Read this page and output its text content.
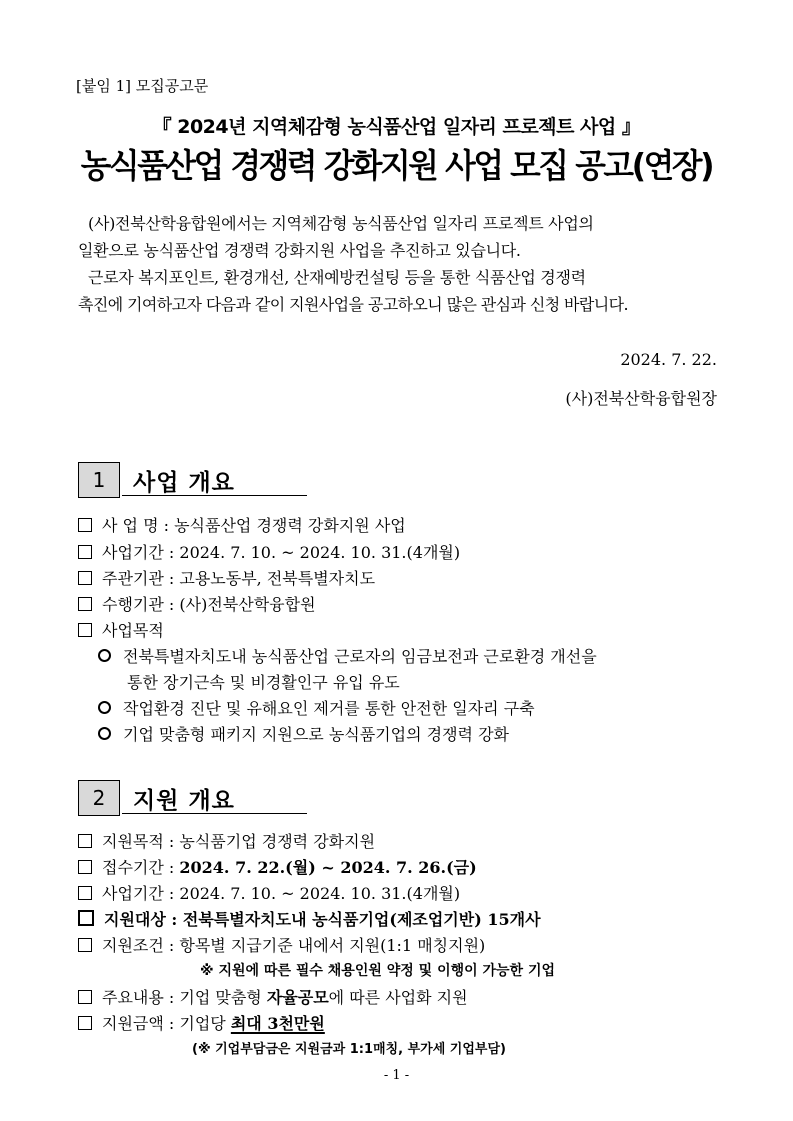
[붙임 1] 모집공고문
『 2024년 지역체감형 농식품산업 일자리 프로젝트 사업 』
농식품산업 경쟁력 강화지원 사업 모집 공고(연장)
(사)전북산학융합원에서는 지역체감형 농식품산업 일자리 프로젝트 사업의
일환으로 농식품산업 경쟁력 강화지원 사업을 추진하고 있습니다.
근로자 복지포인트, 환경개선, 산재예방컨설팅 등을 통한 식품산업 경쟁력
촉진에 기여하고자 다음과 같이 지원사업을 공고하오니 많은 관심과 신청 바랍니다.
2024. 7. 22.
(사)전북산학융합원장
1	사업 개요
사 업 명 : 농식품산업 경쟁력 강화지원 사업
사업기간 : 2024. 7. 10. ~ 2024. 10. 31.(4개월)
주관기관 : 고용노동부, 전북특별자치도
수행기관 : (사)전북산학융합원
사업목적
전북특별자치도내 농식품산업 근로자의 임금보전과 근로환경 개선을
통한 장기근속 및 비경활인구 유입 유도
작업환경 진단 및 유해요인 제거를 통한 안전한 일자리 구축
기업 맞춤형 패키지 지원으로 농식품기업의 경쟁력 강화
2	지원 개요
지원목적 : 농식품기업 경쟁력 강화지원
접수기간 : 2024. 7. 22.(월) ~ 2024. 7. 26.(금)
사업기간 : 2024. 7. 10. ~ 2024. 10. 31.(4개월)
지원대상 : 전북특별자치도내 농식품기업(제조업기반) 15개사
지원조건 : 항목별 지급기준 내에서 지원(1:1 매칭지원)
※ 지원에 따른 필수 채용인원 약정 및 이행이 가능한 기업
주요내용 : 기업 맞춤형 자율공모에 따른 사업화 지원
지원금액 : 기업당 최대 3천만원
(※ 기업부담금은 지원금과 1:1매칭, 부가세 기업부담)
- 1 -
